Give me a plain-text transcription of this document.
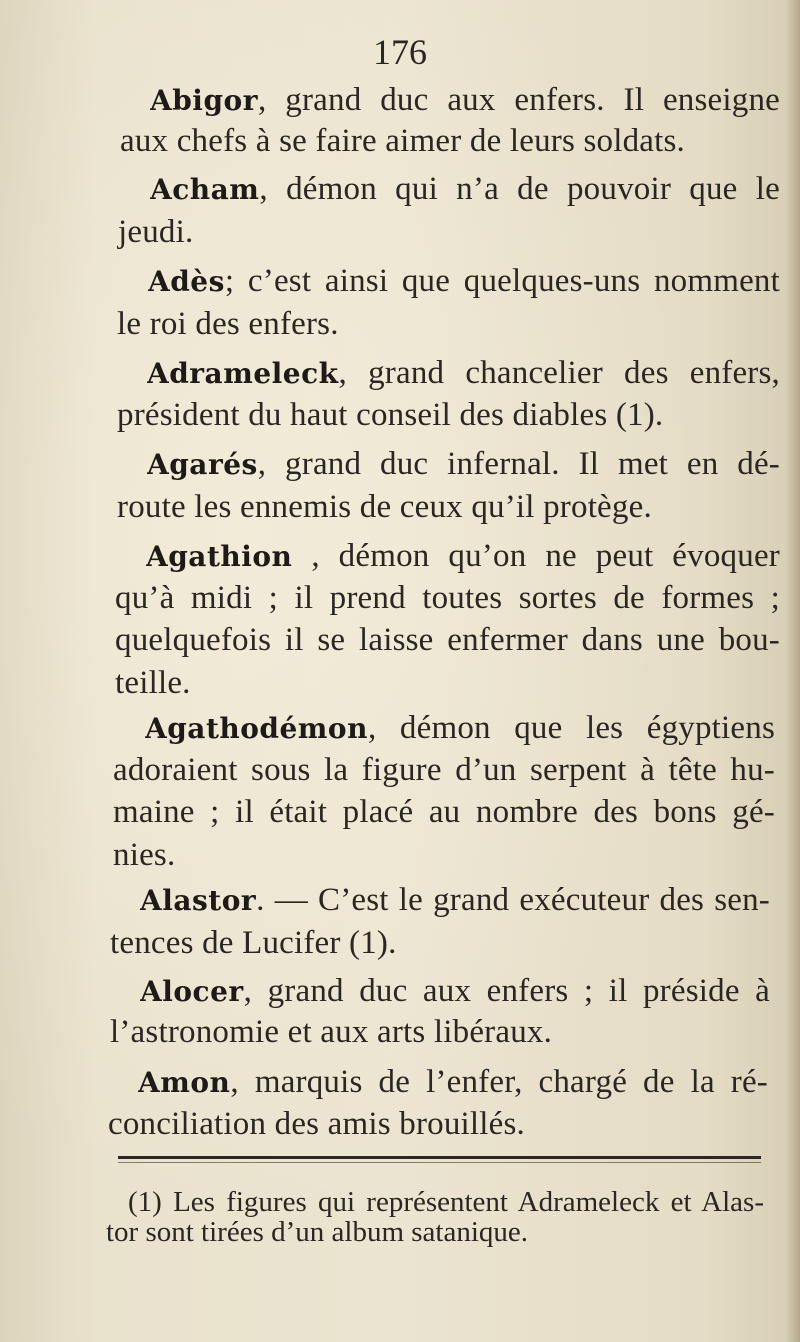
176
Abigor, grand duc aux enfers. Il enseigne
aux chefs à se faire aimer de leurs soldats.
Acham, démon qui n’a de pouvoir que le
jeudi.
Adès; c’est ainsi que quelques-uns nomment
le roi des enfers.
Adrameleck, grand chancelier des enfers,
président du haut conseil des diables (1).
Agarés, grand duc infernal. Il met en dé-
route les ennemis de ceux qu’il protège.
Agathion , démon qu’on ne peut évoquer
qu’à midi ; il prend toutes sortes de formes ;
quelquefois il se laisse enfermer dans une bou-
teille.
Agathodémon, démon que les égyptiens
adoraient sous la figure d’un serpent à tête hu-
maine ; il était placé au nombre des bons gé-
nies.
Alastor. — C’est le grand exécuteur des sen-
tences de Lucifer (1).
Alocer, grand duc aux enfers ; il préside à
l’astronomie et aux arts libéraux.
Amon, marquis de l’enfer, chargé de la ré-
conciliation des amis brouillés.
(1) Les figures qui représentent Adrameleck et Alas-
tor sont tirées d’un album satanique.
